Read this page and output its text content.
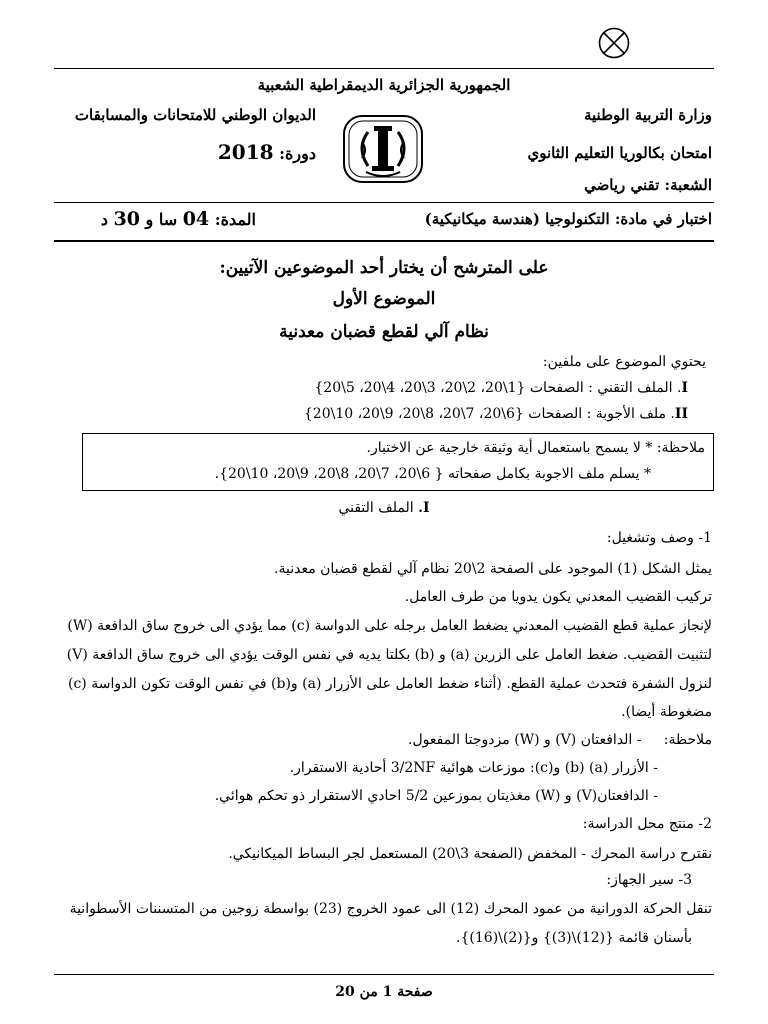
الجمهورية الجزائرية الديمقراطية الشعبية
وزارة التربية الوطنية
امتحان بكالوريا التعليم الثانوي
الشعبة: تقني رياضي
الديوان الوطني للامتحانات والمسابقات
دورة: 2018
اختبار في مادة: التكنولوجيا (هندسة ميكانيكية)
المدة: 04 سا و 30 د
على المترشح أن يختار أحد الموضوعين الآتيين:
الموضوع الأول
نظام آلي لقطع قضبان معدنية
يحتوي الموضوع على ملفين:
I. الملف التقني : الصفحات {1\20، 2\20، 3\20، 4\20، 5\20}
II. ملف الأجوبة : الصفحات {6\20، 7\20، 8\20، 9\20، 10\20}
ملاحظة: * لا يسمح باستعمال أية وثيقة خارجية عن الاختبار.
* يسلم ملف الاجوبة بكامل صفحاته { 6\20، 7\20، 8\20، 9\20، 10\20}.
I. الملف التقني
1- وصف وتشغيل:
يمثل الشكل (1) الموجود على الصفحة 2\20 نظام آلي لقطع قضبان معدنية.
تركيب القضيب المعدني يكون يدويا من طرف العامل.
لإنجاز عملية قطع القضيب المعدني يضغط العامل برجله على الدواسة (c) مما يؤدي الى خروج ساق الدافعة (W)
لتثبيت القضيب. ضغط العامل على الزرين (a) و (b) بكلتا يديه في نفس الوقت يؤدي الى خروج ساق الدافعة (V)
لنزول الشفرة فتحدث عملية القطع. (أثناء ضغط العامل على الأزرار (a) و(b) في نفس الوقت تكون الدواسة (c)
مضغوطة أيضا).
ملاحظة:     - الدافعتان (V) و (W) مزدوجتا المفعول.
- الأزرار (a) (b) و(c): موزعات هوائية 3/2NF أحادية الاستقرار.
- الدافعتان(V) و (W) مغذيتان بموزعين 5/2 احادي الاستقرار ذو تحكم هوائي.
2- منتج محل الدراسة:
نقترح دراسة المحرك - المخفض (الصفحة 3\20) المستعمل لجر البساط الميكانيكي.
3- سير الجهاز:
تنقل الحركة الدورانية من عمود المحرك (12) الى عمود الخروج (23) بواسطة زوجين من المتسننات الأسطوانية
بأسنان قائمة {(12)\(3)} و{(2)\(16)}.
صفحة 1 من 20
